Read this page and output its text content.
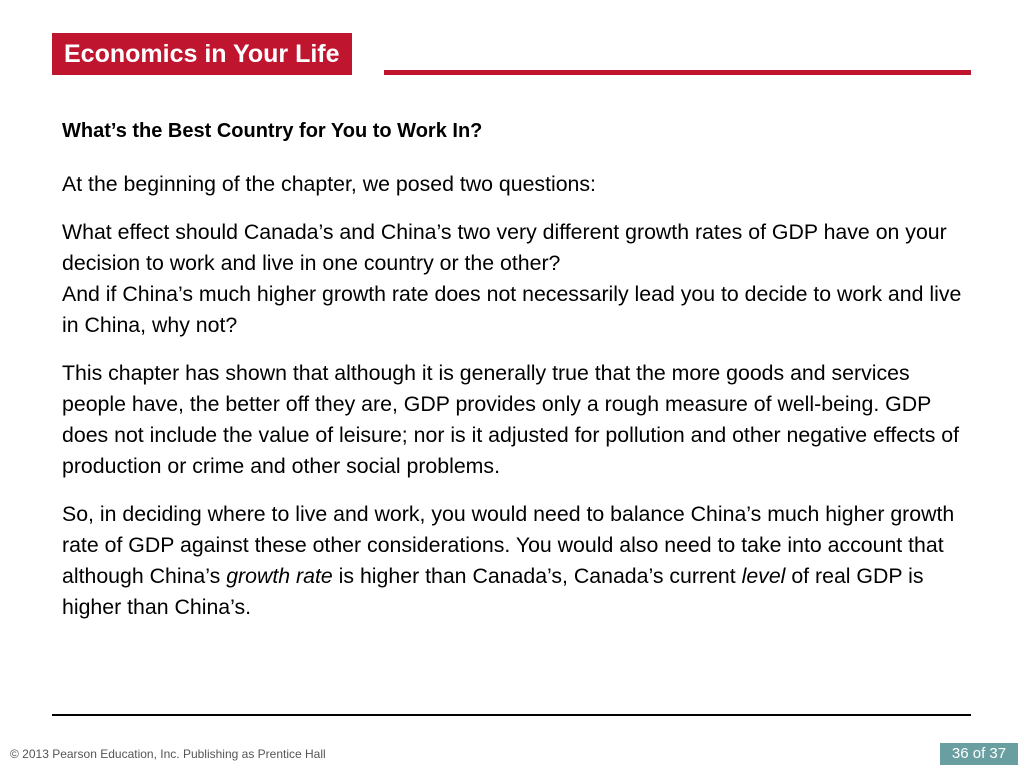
Economics in Your Life

What’s the Best Country for You to Work In?

At the beginning of the chapter, we posed two questions:

What effect should Canada’s and China’s two very different growth rates of GDP have on your decision to work and live in one country or the other?

And if China’s much higher growth rate does not necessarily lead you to decide to work and live in China, why not?

This chapter has shown that although it is generally true that the more goods and services people have, the better off they are, GDP provides only a rough measure of well-being. GDP does not include the value of leisure; nor is it adjusted for pollution and other negative effects of production or crime and other social problems.

So, in deciding where to live and work, you would need to balance China’s much higher growth rate of GDP against these other considerations. You would also need to take into account that although China’s growth rate is higher than Canada’s, Canada’s current level of real GDP is higher than China’s.

© 2013 Pearson Education, Inc. Publishing as Prentice Hall	36 of 37
